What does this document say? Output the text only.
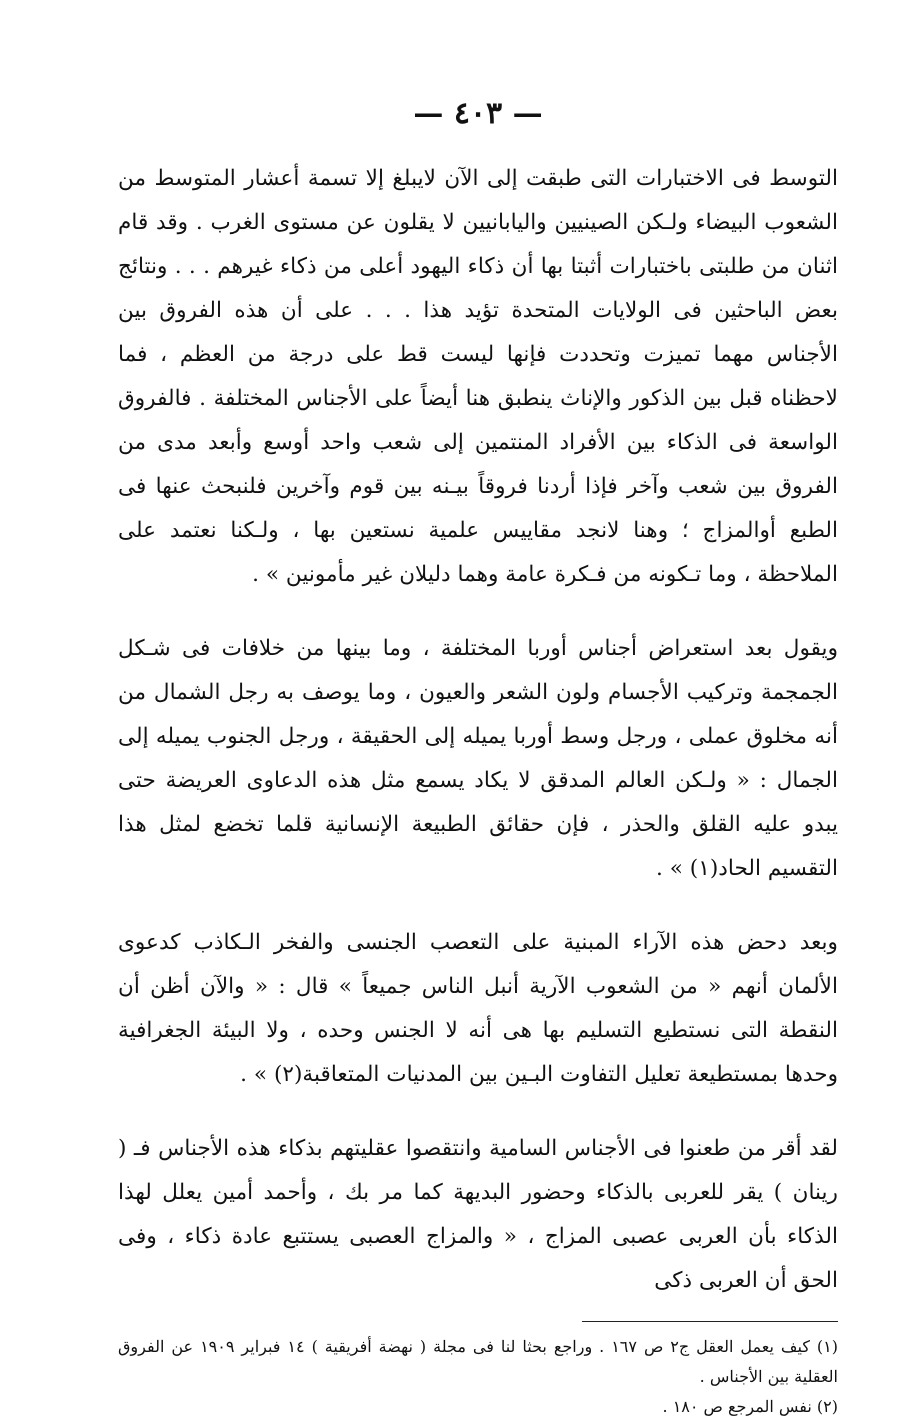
— ٤٠٣ —

التوسط فى الاختبارات التى طبقت إلى الآن لايبلغ إلا تسمة أعشار المتوسط من الشعوب البيضاء ولـكن الصينيين واليابانيين لا يقلون عن مستوى الغرب . وقد قام اثنان من طلبتى باختبارات أثبتا بها أن ذكاء اليهود أعلى من ذكاء غيرهم . . . ونتائج بعض الباحثين فى الولايات المتحدة تؤيد هذا . . . على أن هذه الفروق بين الأجناس مهما تميزت وتحددت فإنها ليست قط على درجة من العظم ، فما لاحظناه قبل بين الذكور والإناث ينطبق هنا أيضاً على الأجناس المختلفة . فالفروق الواسعة فى الذكاء بين الأفراد المنتمين إلى شعب واحد أوسع وأبعد مدى من الفروق بين شعب وآخر فإذا أردنا فروقاً بيـنه بين قوم وآخرين فلنبحث عنها فى الطبع أوالمزاج ؛ وهنا لانجد مقاييس علمية نستعين بها ، ولـكنا نعتمد على الملاحظة ، وما تـكونه من فـكرة عامة وهما دليلان غير مأمونين » .

ويقول بعد استعراض أجناس أوربا المختلفة ، وما بينها من خلافات فى شـكل الجمجمة وتركيب الأجسام ولون الشعر والعيون ، وما يوصف به رجل الشمال من أنه مخلوق عملى ، ورجل وسط أوربا يميله إلى الحقيقة ، ورجل الجنوب يميله إلى الجمال : « ولـكن العالم المدقق لا يكاد يسمع مثل هذه الدعاوى العريضة حتى يبدو عليه القلق والحذر ، فإن حقائق الطبيعة الإنسانية قلما تخضع لمثل هذا التقسيم الحاد(١) » .

وبعد دحض هذه الآراء المبنية على التعصب الجنسى والفخر الـكاذب كدعوى الألمان أنهم « من الشعوب الآرية أنبل الناس جميعاً » قال : « والآن أظن أن النقطة التى نستطيع التسليم بها هى أنه لا الجنس وحده ، ولا البيئة الجغرافية وحدها بمستطيعة تعليل التفاوت البـين بين المدنيات المتعاقبة(٢) » .

لقد أقر من طعنوا فى الأجناس السامية وانتقصوا عقليتهم بذكاء هذه الأجناس فـ ( رينان ) يقر للعربى بالذكاء وحضور البديهة كما مر بك ، وأحمد أمين يعلل لهذا الذكاء بأن العربى عصبى المزاج ، « والمزاج العصبى يستتبع عادة ذكاء ، وفى الحق أن العربى ذكى

(١) كيف يعمل العقل ج٢ ص ١٦٧ . وراجع بحثا لنا فى مجلة ( نهضة أفريقية ) ١٤ فبراير ١٩٠٩ عن الفروق العقلية بين الأجناس .

(٢) نفس المرجع ص ١٨٠ .
